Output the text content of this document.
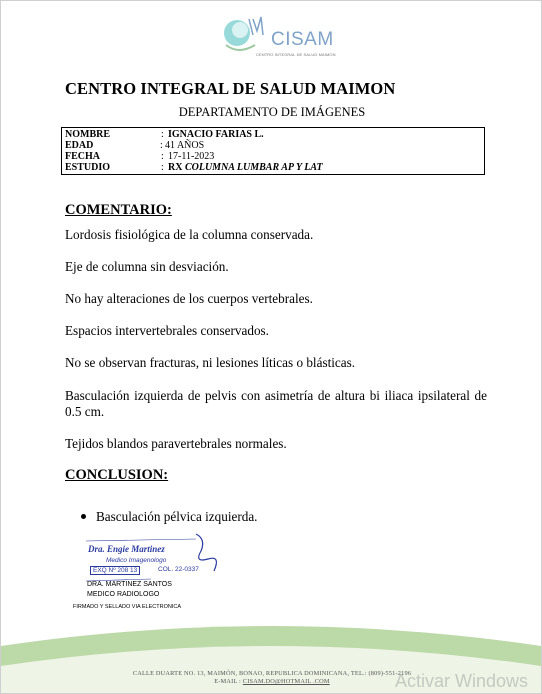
CISAM
CENTRO INTEGRAL DE SALUD MAIMON
CENTRO INTEGRAL DE SALUD MAIMON
DEPARTAMENTO DE IMÁGENES
NOMBRE	: IGNACIO FARIAS L.
EDAD	: 41 AÑOS
FECHA	: 17-11-2023
ESTUDIO	: RX COLUMNA LUMBAR AP Y LAT
COMENTARIO:
Lordosis fisiológica de la columna conservada.
Eje de columna sin desviación.
No hay alteraciones de los cuerpos vertebrales.
Espacios intervertebrales conservados.
No se observan fracturas, ni lesiones líticas o blásticas.
Basculación izquierda de pelvis con asimetría de altura bi iliaca ipsilateral de 0.5 cm.
Tejidos blandos paravertebrales normales.
CONCLUSION:
Basculación pélvica izquierda.
Dra. Engie Martinez
Medico Imagenologo
EXQ Nº 208 13	COL. 22-0337
DRA. MARTINEZ SANTOS
MEDICO RADIOLOGO
FIRMADO Y SELLADO VIA ELECTRONICA
CALLE DUARTE NO. 13, MAIMÓN, BONAO, REPUBLICA DOMINICANA, TEL.: (809)-551-2196
E-MAIL : CISAM.DO@HOTMAIL .COM	Activar Windows
